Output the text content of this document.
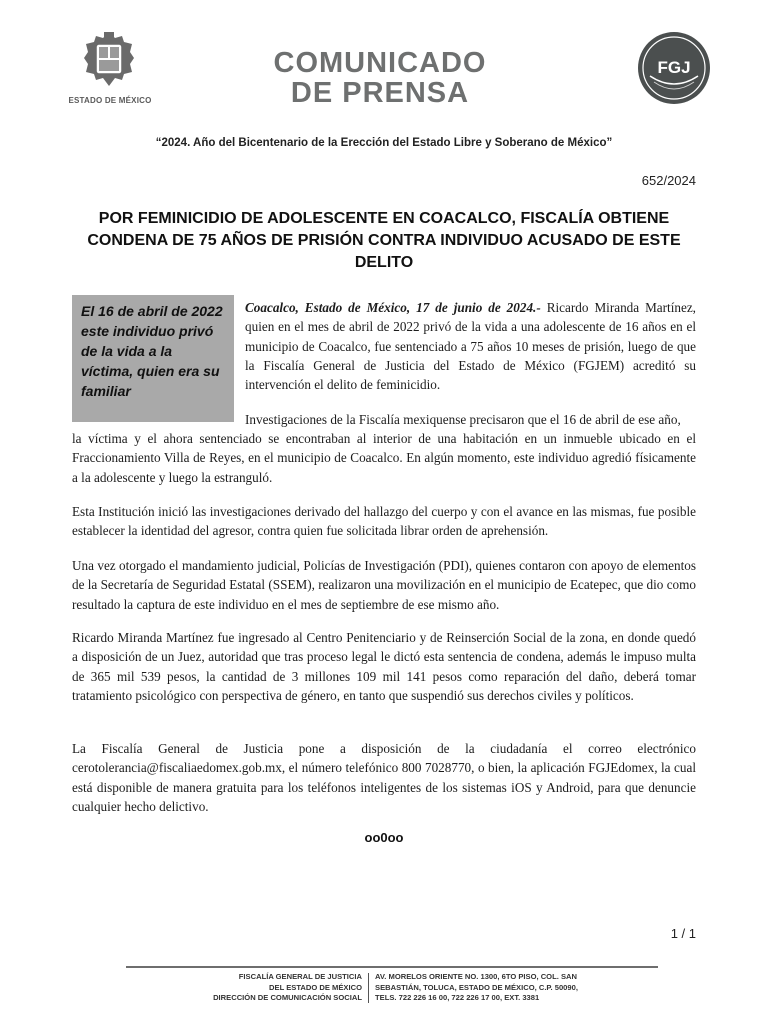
ESTADO DE MÉXICO
COMUNICADO
DE PRENSA
FGJ
“2024. Año del Bicentenario de la Erección del Estado Libre y Soberano de México”
652/2024
POR FEMINICIDIO DE ADOLESCENTE EN COACALCO, FISCALÍA OBTIENE CONDENA DE 75 AÑOS DE PRISIÓN CONTRA INDIVIDUO ACUSADO DE ESTE DELITO
El 16 de abril de 2022 este individuo privó de la vida a la víctima, quien era su familiar
Coacalco, Estado de México, 17 de junio de 2024.- Ricardo Miranda Martínez, quien en el mes de abril de 2022 privó de la vida a una adolescente de 16 años en el municipio de Coacalco, fue sentenciado a 75 años 10 meses de prisión, luego de que la Fiscalía General de Justicia del Estado de México (FGJEM) acreditó su intervención el delito de feminicidio.
Investigaciones de la Fiscalía mexiquense precisaron que el 16 de abril de ese año,
la víctima y el ahora sentenciado se encontraban al interior de una habitación en un inmueble ubicado en el Fraccionamiento Villa de Reyes, en el municipio de Coacalco. En algún momento, este individuo agredió físicamente a la adolescente y luego la estranguló.
Esta Institución inició las investigaciones derivado del hallazgo del cuerpo y con el avance en las mismas, fue posible establecer la identidad del agresor, contra quien fue solicitada librar orden de aprehensión.
Una vez otorgado el mandamiento judicial, Policías de Investigación (PDI), quienes contaron con apoyo de elementos de la Secretaría de Seguridad Estatal (SSEM), realizaron una movilización en el municipio de Ecatepec, que dio como resultado la captura de este individuo en el mes de septiembre de ese mismo año.
Ricardo Miranda Martínez fue ingresado al Centro Penitenciario y de Reinserción Social de la zona, en donde quedó a disposición de un Juez, autoridad que tras proceso legal le dictó esta sentencia de condena, además le impuso multa de 365 mil 539 pesos, la cantidad de 3 millones 109 mil 141 pesos como reparación del daño, deberá tomar tratamiento psicológico con perspectiva de género, en tanto que suspendió sus derechos civiles y políticos.
La Fiscalía General de Justicia pone a disposición de la ciudadanía el correo electrónico cerotolerancia@fiscaliaedomex.gob.mx, el número telefónico 800 7028770, o bien, la aplicación FGJEdomex, la cual está disponible de manera gratuita para los teléfonos inteligentes de los sistemas iOS y Android, para que denuncie cualquier hecho delictivo.
oo0oo
1 / 1
FISCALÍA GENERAL DE JUSTICIA
DEL ESTADO DE MÉXICO
DIRECCIÓN DE COMUNICACIÓN SOCIAL
AV. MORELOS ORIENTE NO. 1300, 6TO PISO, COL. SAN
SEBASTIÁN, TOLUCA, ESTADO DE MÉXICO, C.P. 50090,
TELS. 722 226 16 00, 722 226 17 00, EXT. 3381
